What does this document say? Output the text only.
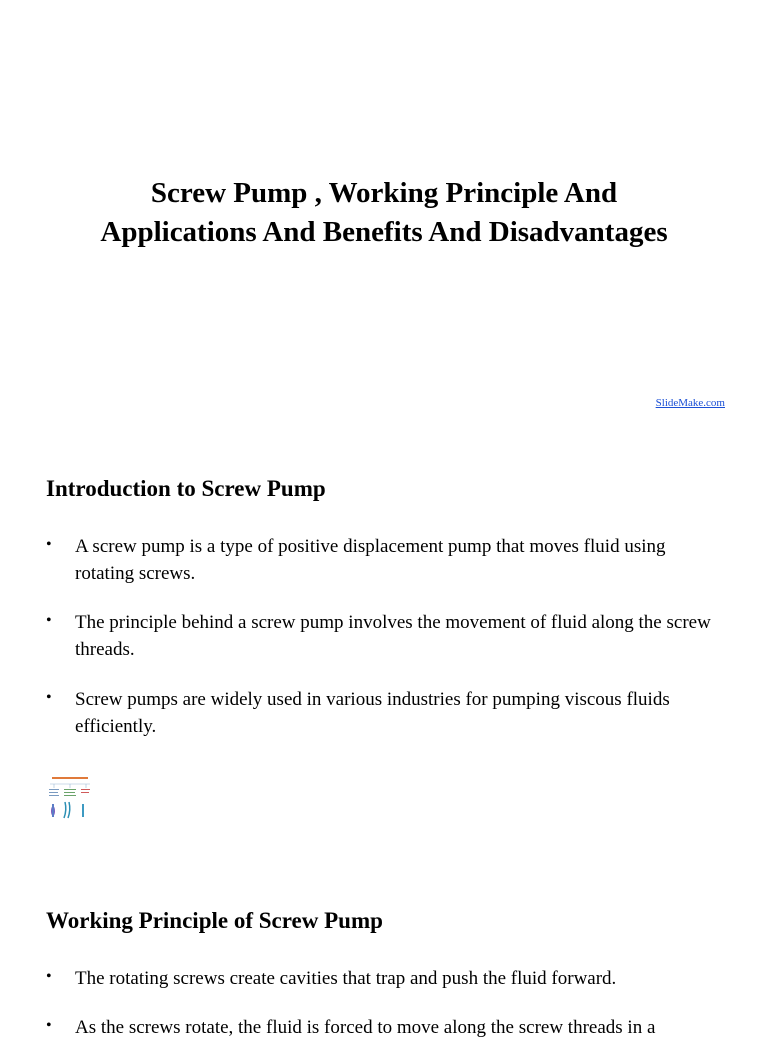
Screw Pump , Working Principle And
Applications And Benefits And Disadvantages
SlideMake.com
Introduction to Screw Pump
• A screw pump is a type of positive displacement pump that moves fluid using rotating screws.
• The principle behind a screw pump involves the movement of fluid along the screw threads.
• Screw pumps are widely used in various industries for pumping viscous fluids efficiently.
Working Principle of Screw Pump
• The rotating screws create cavities that trap and push the fluid forward.
• As the screws rotate, the fluid is forced to move along the screw threads in a
